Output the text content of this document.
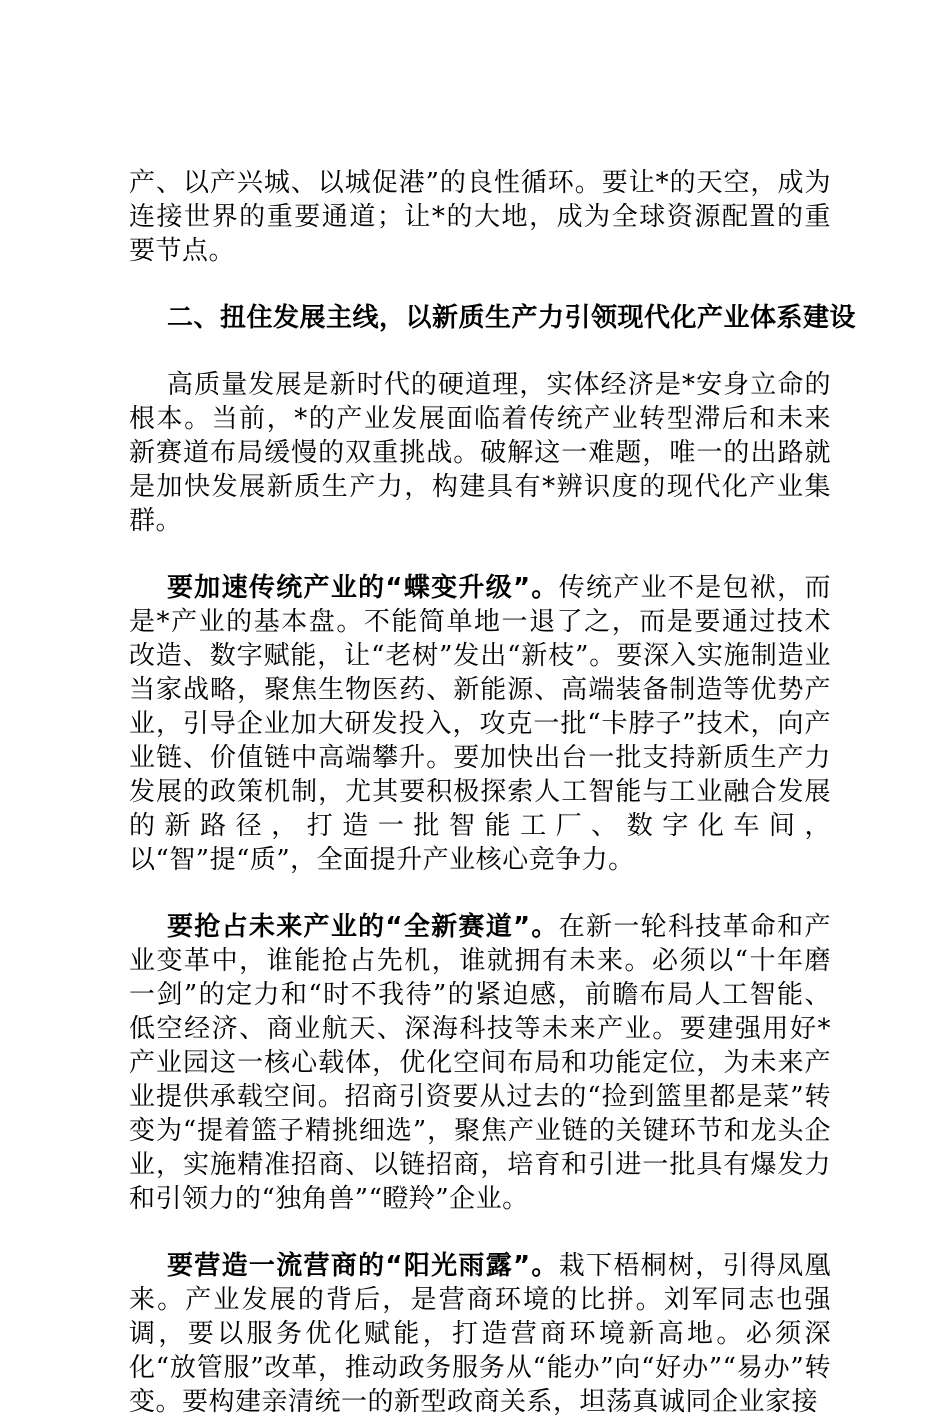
产、以产兴城、以城促港”的良性循环。要让*的天空，成为连接世界的重要通道；让*的大地，成为全球资源配置的重要节点。

二、扭住发展主线，以新质生产力引领现代化产业体系建设

高质量发展是新时代的硬道理，实体经济是*安身立命的根本。当前，*的产业发展面临着传统产业转型滞后和未来新赛道布局缓慢的双重挑战。破解这一难题，唯一的出路就是加快发展新质生产力，构建具有*辨识度的现代化产业集群。

要加速传统产业的“蝶变升级”。传统产业不是包袱，而是*产业的基本盘。不能简单地一退了之，而是要通过技术改造、数字赋能，让“老树”发出“新枝”。要深入实施制造业当家战略，聚焦生物医药、新能源、高端装备制造等优势产业，引导企业加大研发投入，攻克一批“卡脖子”技术，向产业链、价值链中高端攀升。要加快出台一批支持新质生产力发展的政策机制，尤其要积极探索人工智能与工业融合发展的新路径，打造一批智能工厂、数字化车间，以“智”提“质”，全面提升产业核心竞争力。

要抢占未来产业的“全新赛道”。在新一轮科技革命和产业变革中，谁能抢占先机，谁就拥有未来。必须以“十年磨一剑”的定力和“时不我待”的紧迫感，前瞻布局人工智能、低空经济、商业航天、深海科技等未来产业。要建强用好*产业园这一核心载体，优化空间布局和功能定位，为未来产业提供承载空间。招商引资要从过去的“捡到篮里都是菜”转变为“提着篮子精挑细选”，聚焦产业链的关键环节和龙头企业，实施精准招商、以链招商，培育和引进一批具有爆发力和引领力的“独角兽”“瞪羚”企业。

要营造一流营商的“阳光雨露”。栽下梧桐树，引得凤凰来。产业发展的背后，是营商环境的比拼。刘军同志也强调，要以服务优化赋能，打造营商环境新高地。必须深化“放管服”改革，推动政务服务从“能办”向“好办”“易办”转变。要构建亲清统一的新型政商关系，坦荡真诚同企业家接
